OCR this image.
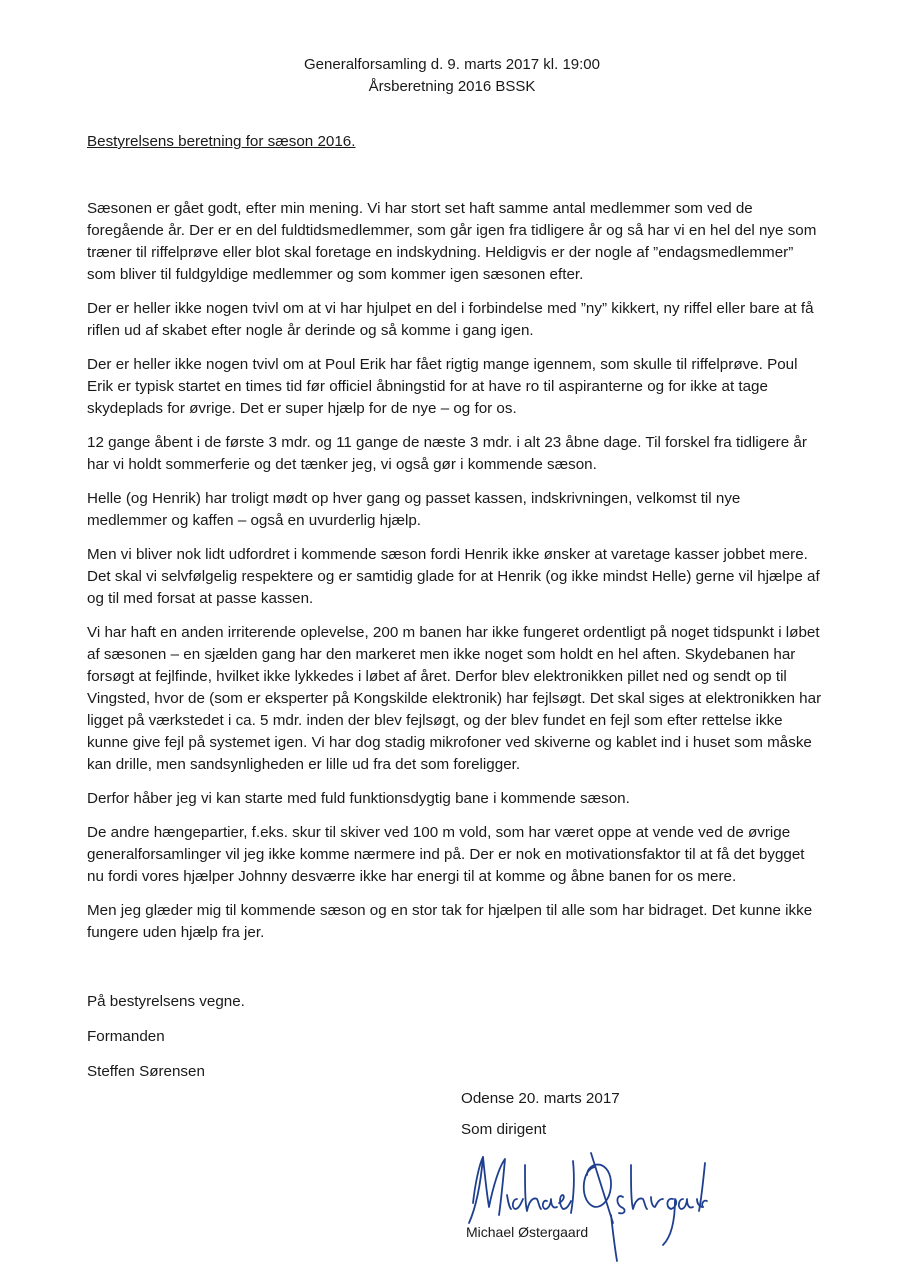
Generalforsamling d. 9. marts 2017 kl. 19:00
Årsberetning 2016 BSSK
Bestyrelsens beretning for sæson 2016.

Sæsonen er gået godt, efter min mening. Vi har stort set haft samme antal medlemmer som ved de foregående år. Der er en del fuldtidsmedlemmer, som går igen fra tidligere år og så har vi en hel del nye som træner til riffelprøve eller blot skal foretage en indskydning. Heldigvis er der nogle af ”endagsmedlemmer” som bliver til fuldgyldige medlemmer og som kommer igen sæsonen efter.

Der er heller ikke nogen tvivl om at vi har hjulpet en del i forbindelse med ”ny” kikkert, ny riffel eller bare at få riflen ud af skabet efter nogle år derinde og så komme i gang igen.

Der er heller ikke nogen tvivl om at Poul Erik har fået rigtig mange igennem, som skulle til riffelprøve. Poul Erik er typisk startet en times tid før officiel åbningstid for at have ro til aspiranterne og for ikke at tage skydeplads for øvrige. Det er super hjælp for de nye – og for os.

12 gange åbent i de første 3 mdr. og 11 gange de næste 3 mdr. i alt 23 åbne dage. Til forskel fra tidligere år har vi holdt sommerferie og det tænker jeg, vi også gør i kommende sæson.

Helle (og Henrik) har troligt mødt op hver gang og passet kassen, indskrivningen, velkomst til nye medlemmer og kaffen – også en uvurderlig hjælp.

Men vi bliver nok lidt udfordret i kommende sæson fordi Henrik ikke ønsker at varetage kasser jobbet mere. Det skal vi selvfølgelig respektere og er samtidig glade for at Henrik (og ikke mindst Helle) gerne vil hjælpe af og til med forsat at passe kassen.

Vi har haft en anden irriterende oplevelse, 200 m banen har ikke fungeret ordentligt på noget tidspunkt i løbet af sæsonen – en sjælden gang har den markeret men ikke noget som holdt en hel aften. Skydebanen har forsøgt at fejlfinde, hvilket ikke lykkedes i løbet af året. Derfor blev elektronikken pillet ned og sendt op til Vingsted, hvor de (som er eksperter på Kongskilde elektronik) har fejlsøgt. Det skal siges at elektronikken har ligget på værkstedet i ca. 5 mdr. inden der blev fejlsøgt, og der blev fundet en fejl som efter rettelse ikke kunne give fejl på systemet igen. Vi har dog stadig mikrofoner ved skiverne og kablet ind i huset som måske kan drille, men sandsynligheden er lille ud fra det som foreligger.

Derfor håber jeg vi kan starte med fuld funktionsdygtig bane i kommende sæson.

De andre hængepartier, f.eks. skur til skiver ved 100 m vold, som har været oppe at vende ved de øvrige generalforsamlinger vil jeg ikke komme nærmere ind på. Der er nok en motivationsfaktor til at få det bygget nu fordi vores hjælper Johnny desværre ikke har energi til at komme og åbne banen for os mere.

Men jeg glæder mig til kommende sæson og en stor tak for hjælpen til alle som har bidraget. Det kunne ikke fungere uden hjælp fra jer.

På bestyrelsens vegne.
Formanden
Steffen Sørensen
Odense 20. marts 2017
Som dirigent
Michael Østergaard
